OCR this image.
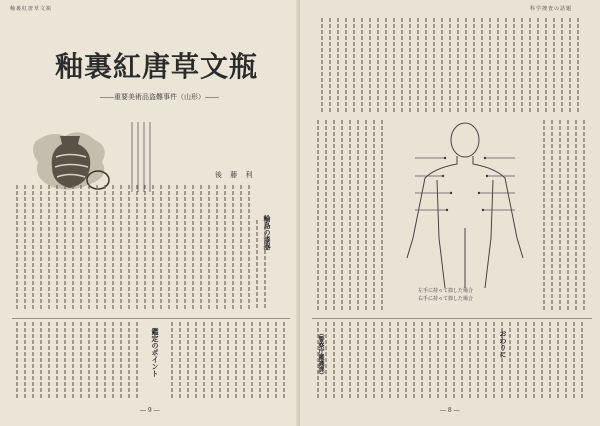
釉裏紅唐草文瓶
釉裏紅唐草文瓶
――重要美術品盗難事件（山形）――
後 藤 利
輪島の漆器
鑑定のポイント
― 9 ―
科学捜査の話題
左手に持って捺した場合
右手に持って捺した場合
おわりに
（警察庁鑑識課）
― 8 ―
